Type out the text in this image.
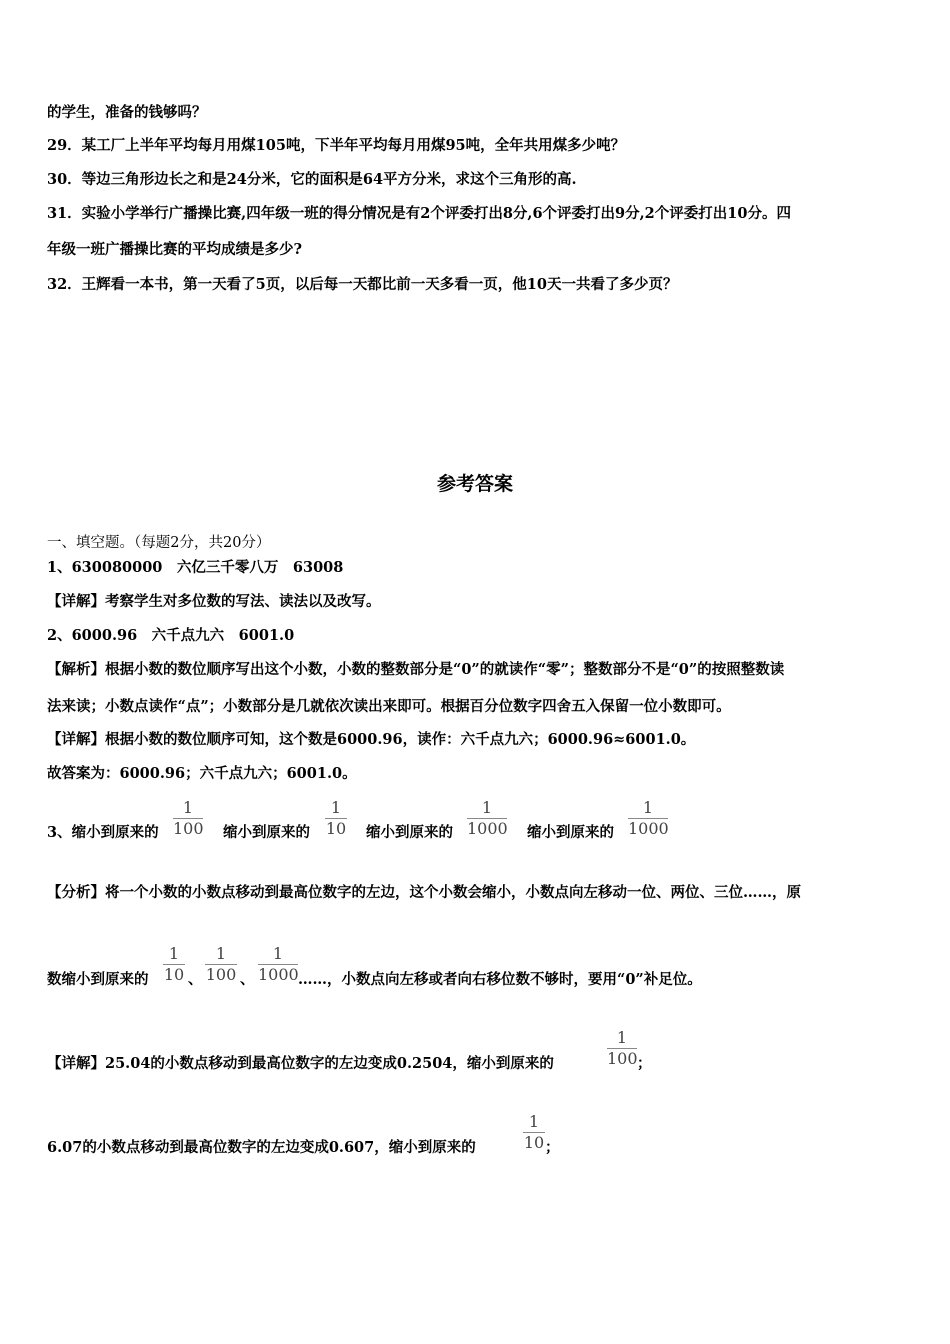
的学生，准备的钱够吗？
29．某工厂上半年平均每月用煤105吨，下半年平均每月用煤95吨，全年共用煤多少吨？
30．等边三角形边长之和是24分米，它的面积是64平方分米，求这个三角形的高.
31．实验小学举行广播操比赛,四年级一班的得分情况是有2个评委打出8分,6个评委打出9分,2个评委打出10分。四
年级一班广播操比赛的平均成绩是多少?
32．王辉看一本书，第一天看了5页，以后每一天都比前一天多看一页，他10天一共看了多少页？
参考答案
一、填空题。（每题2分，共20分）
1、630080000　六亿三千零八万　63008
【详解】考察学生对多位数的写法、读法以及改写。
2、6000.96　六千点九六　6001.0
【解析】根据小数的数位顺序写出这个小数，小数的整数部分是“0”的就读作“零”；整数部分不是“0”的按照整数读
法来读；小数点读作“点”；小数部分是几就依次读出来即可。根据百分位数字四舍五入保留一位小数即可。
【详解】根据小数的数位顺序可知，这个数是6000.96，读作：六千点九六；6000.96≈6001.0。
故答案为：6000.96；六千点九六；6001.0。
3、缩小到原来的
1
100 缩小到原来的
1
10 缩小到原来的
1
1000 缩小到原来的
1
1000
【分析】将一个小数的小数点移动到最高位数字的左边，这个小数会缩小，小数点向左移动一位、两位、三位……，原
数缩小到原来的
1
10 、
1
100 、
1
1000 ……，小数点向左移或者向右移位数不够时，要用“0”补足位。
【详解】25.04的小数点移动到最高位数字的左边变成0.2504，缩小到原来的
1
100 ；
6.07的小数点移动到最高位数字的左边变成0.607，缩小到原来的
1
10 ；
